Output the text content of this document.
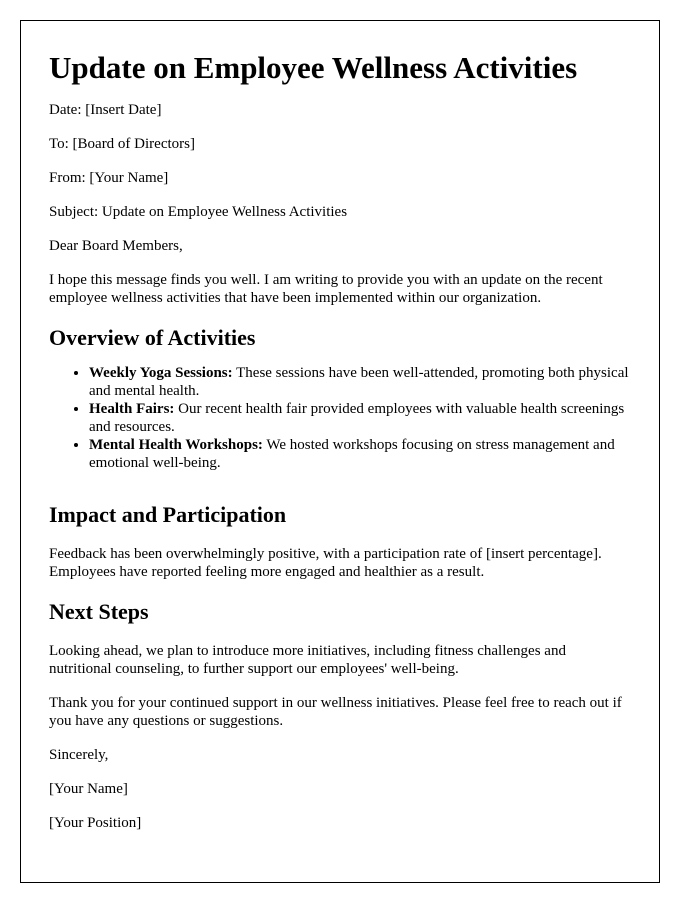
Update on Employee Wellness Activities

Date: [Insert Date]

To: [Board of Directors]

From: [Your Name]

Subject: Update on Employee Wellness Activities

Dear Board Members,

I hope this message finds you well. I am writing to provide you with an update on the recent employee wellness activities that have been implemented within our organization.

Overview of Activities
• Weekly Yoga Sessions: These sessions have been well-attended, promoting both physical and mental health.
• Health Fairs: Our recent health fair provided employees with valuable health screenings and resources.
• Mental Health Workshops: We hosted workshops focusing on stress management and emotional well-being.
Impact and Participation

Feedback has been overwhelmingly positive, with a participation rate of [insert percentage]. Employees have reported feeling more engaged and healthier as a result.

Next Steps

Looking ahead, we plan to introduce more initiatives, including fitness challenges and nutritional counseling, to further support our employees' well-being.

Thank you for your continued support in our wellness initiatives. Please feel free to reach out if you have any questions or suggestions.

Sincerely,

[Your Name]

[Your Position]
